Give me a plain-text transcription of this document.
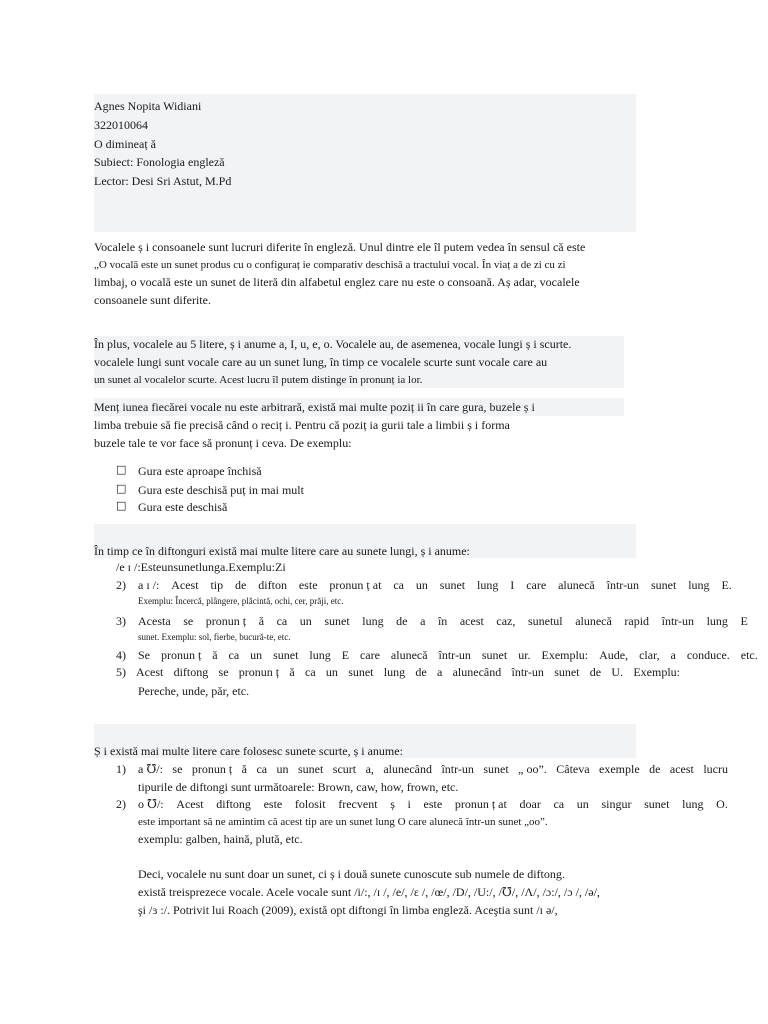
Agnes Nopita Widiani
322010064
O dimineaț ă
Subiect: Fonologia engleză
Lector: Desi Sri Astut, M.Pd
Vocalele ș i consoanele sunt lucruri diferite în engleză. Unul dintre ele îl putem vedea în sensul că este
„O vocală este un sunet produs cu o configuraț ie comparativ deschisă a tractului vocal. În viaț a de zi cu zi
limbaj, o vocală este un sunet de literă din alfabetul englez care nu este o consoană. Aș adar, vocalele
consoanele sunt diferite.
În plus, vocalele au 5 litere, ș i anume a, I, u, e, o. Vocalele au, de asemenea, vocale lungi ș i scurte.
vocalele lungi sunt vocale care au un sunet lung, în timp ce vocalele scurte sunt vocale care au
un sunet al vocalelor scurte. Acest lucru îl putem distinge în pronunț ia lor.
Menț iunea fiecărei vocale nu este arbitrară, există mai multe poziț ii în care gura, buzele ș i
limba trebuie să fie precisă când o reciț i. Pentru că poziț ia gurii tale a limbii ș i forma
buzele tale te vor face să pronunț i ceva. De exemplu:
□ Gura este aproape închisă
□ Gura este deschisă puț in mai mult
□ Gura este deschisă
În timp ce în diftonguri există mai multe litere care au sunete lungi, ș i anume:
/e ɪ /: Este un sunet lung a. Exemplu: Zi
2) a ɪ /: Acest tip de difton este pronun ț at ca un sunet lung I care alunecă într-un sunet lung E.
Exemplu: Încercă, plângere, plăcintă, ochi, cer, prăji, etc.
3) Acesta se pronun ț ă ca un sunet lung de a în acest caz, sunetul alunecă rapid într-un lung E
sunet. Exemplu: sol, fierbe, bucură-te, etc.
4) Se pronun ț ă ca un sunet lung E care alunecă într-un sunet ur. Exemplu: Aude, clar, a conduce. etc.
5) Acest diftong se pronun ț ă ca un sunet lung de a alunecând într-un sunet de U. Exemplu:
Pereche, unde, păr, etc.
Ș i există mai multe litere care folosesc sunete scurte, ș i anume:
1) a ℧/: se pronun ț ă ca un sunet scurt a, alunecând într-un sunet „ oo”. Câteva exemple de acest lucru
tipurile de diftongi sunt următoarele: Brown, caw, how, frown, etc.
2) o ℧/: Acest diftong este folosit frecvent ș i este pronun ț at doar ca un singur sunet lung O.
este important să ne amintim că acest tip are un sunet lung O care alunecă într-un sunet „oo”.
exemplu: galben, haină, plută, etc.
Deci, vocalele nu sunt doar un sunet, ci ș i două sunete cunoscute sub numele de diftong.
există treisprezece vocale. Acele vocale sunt /i/:, /ɪ /, /e/, /ɛ /, /œ/, /D/, /U:/, /℧/, /Λ/, /ɔ:/, /ɔ /, /ə/,
şi /ɜ :/. Potrivit lui Roach (2009), există opt diftongi în limba engleză. Aceştia sunt /ɪ ə/,
